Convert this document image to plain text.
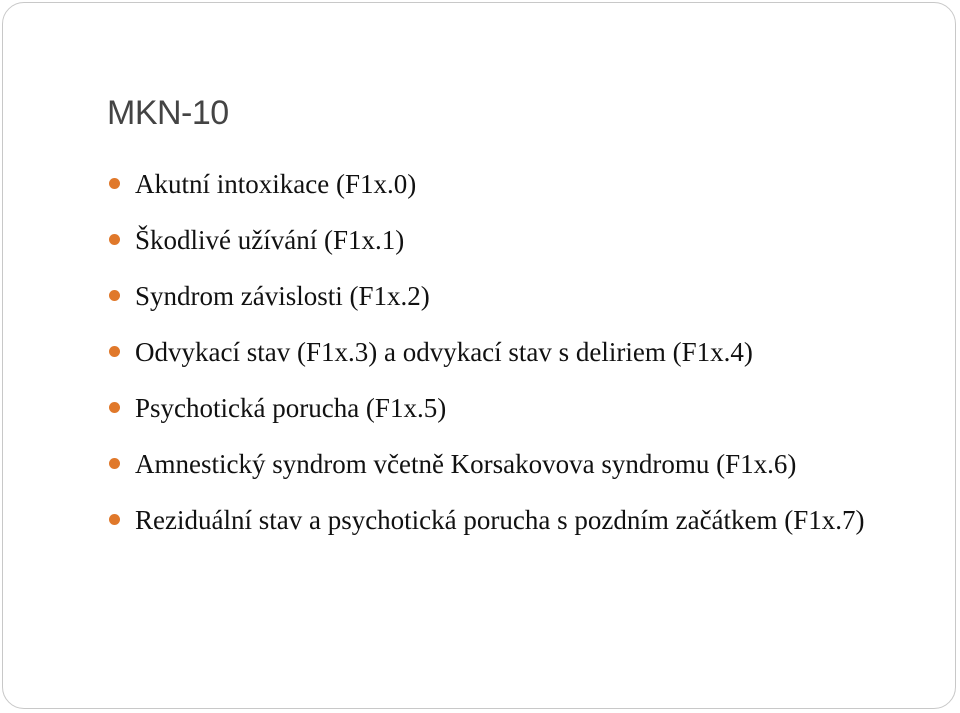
MKN-10
Akutní intoxikace (F1x.0)
Škodlivé užívání (F1x.1)
Syndrom závislosti (F1x.2)
Odvykací stav (F1x.3) a odvykací stav s deliriem (F1x.4)
Psychotická porucha (F1x.5)
Amnestický syndrom včetně Korsakovova syndromu (F1x.6)
Reziduální stav a psychotická porucha s pozdním začátkem (F1x.7)
